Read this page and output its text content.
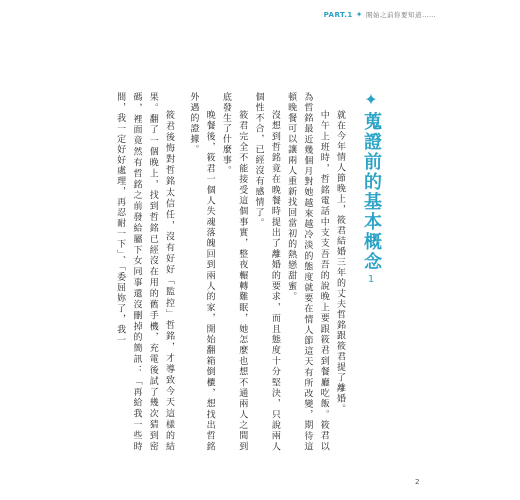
PART.1 ✦ 開始之前你要知道……
✦
蒐證前的基本概念
1

就在今年情人節晚上，筱君結婚三年的丈夫哲銘跟筱君提了離婚。

中午上班時，哲銘電話中支支吾吾的說晚上要跟筱君到餐廳吃飯。筱君以為哲銘最近幾個月對她越來越冷淡的態度就要在情人節這天有所改變，期待這頓晚餐可以讓兩人重新找回當初的熱戀甜蜜。

沒想到哲銘竟在晚餐時提出了離婚的要求，而且態度十分堅決，只說兩人個性不合，已經沒有感情了。

筱君完全不能接受這個事實，整夜輾轉難眠，她怎麼也想不通兩人之間到底發生了什麼事。

晚餐後，筱君一個人失魂落魄回到兩人的家，開始翻箱倒櫃，想找出哲銘外遇的證據。

筱君後悔對哲銘太信任，沒有好好「監控」哲銘，才導致今天這樣的結果。翻了一個晚上，找到哲銘已經沒在用的舊手機，充電後試了幾次猜到密碼，裡面竟然有哲銘之前發給屬下女同事還沒刪掉的簡訊：「再給我一些時間，我一定好好處理，再忍耐一下」、「委屈妳了，我一

2
